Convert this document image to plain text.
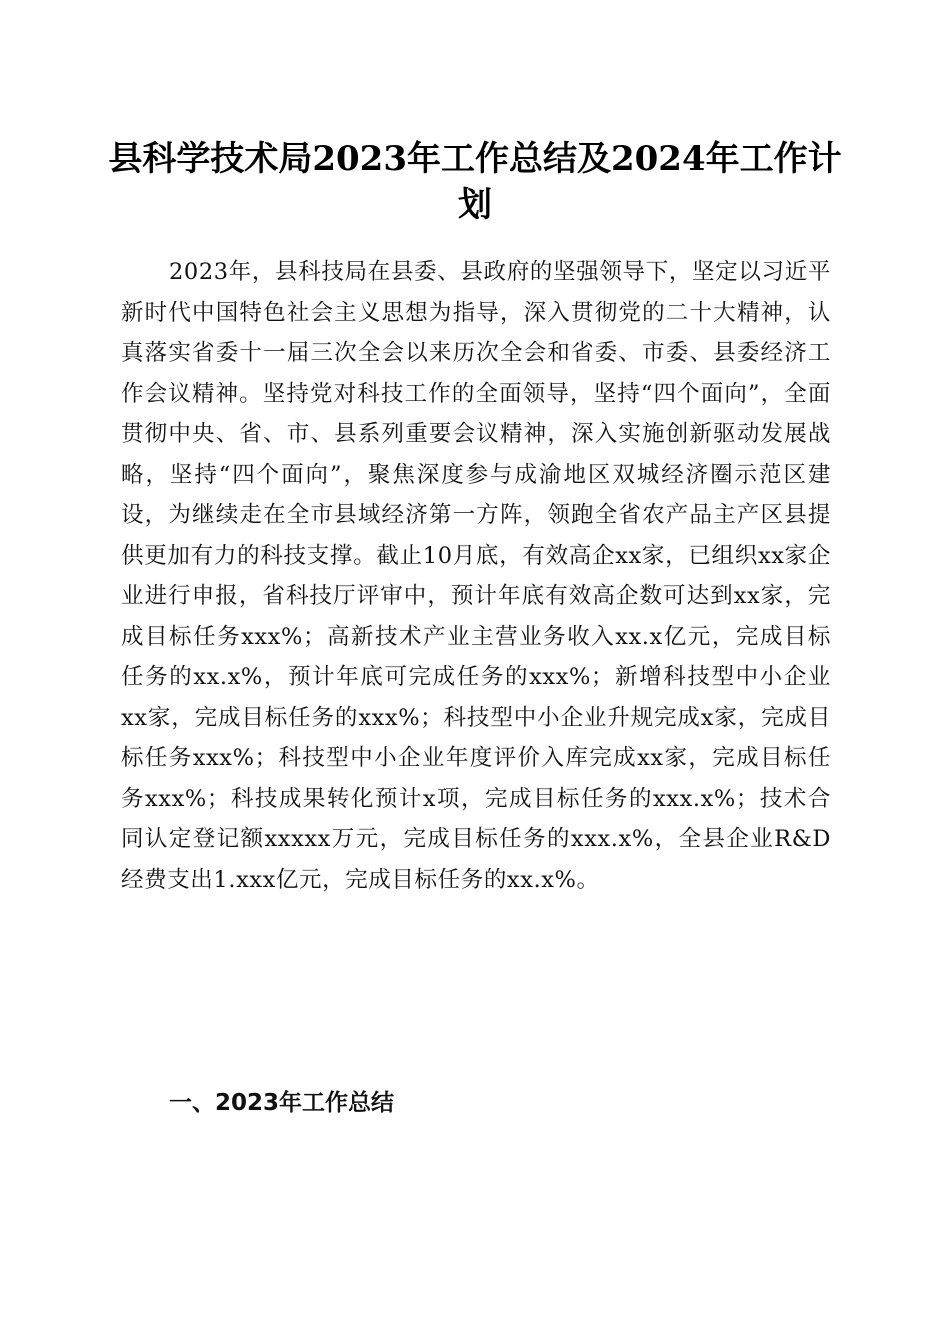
县科学技术局2023年工作总结及2024年工作计划

2023年，县科技局在县委、县政府的坚强领导下，坚定以习近平新时代中国特色社会主义思想为指导，深入贯彻党的二十大精神，认真落实省委十一届三次全会以来历次全会和省委、市委、县委经济工作会议精神。坚持党对科技工作的全面领导，坚持“四个面向”，全面贯彻中央、省、市、县系列重要会议精神，深入实施创新驱动发展战略，坚持“四个面向”，聚焦深度参与成渝地区双城经济圈示范区建设，为继续走在全市县域经济第一方阵，领跑全省农产品主产区县提供更加有力的科技支撑。截止10月底，有效高企xx家，已组织xx家企业进行申报，省科技厅评审中，预计年底有效高企数可达到xx家，完成目标任务xxx%；高新技术产业主营业务收入xx.x亿元，完成目标任务的xx.x%，预计年底可完成任务的xxx%；新增科技型中小企业xx家，完成目标任务的xxx%；科技型中小企业升规完成x家，完成目标任务xxx%；科技型中小企业年度评价入库完成xx家，完成目标任务xxx%；科技成果转化预计x项，完成目标任务的xxx.x%；技术合同认定登记额xxxxx万元，完成目标任务的xxx.x%，全县企业R&D经费支出1.xxx亿元，完成目标任务的xx.x%。

一、2023年工作总结
